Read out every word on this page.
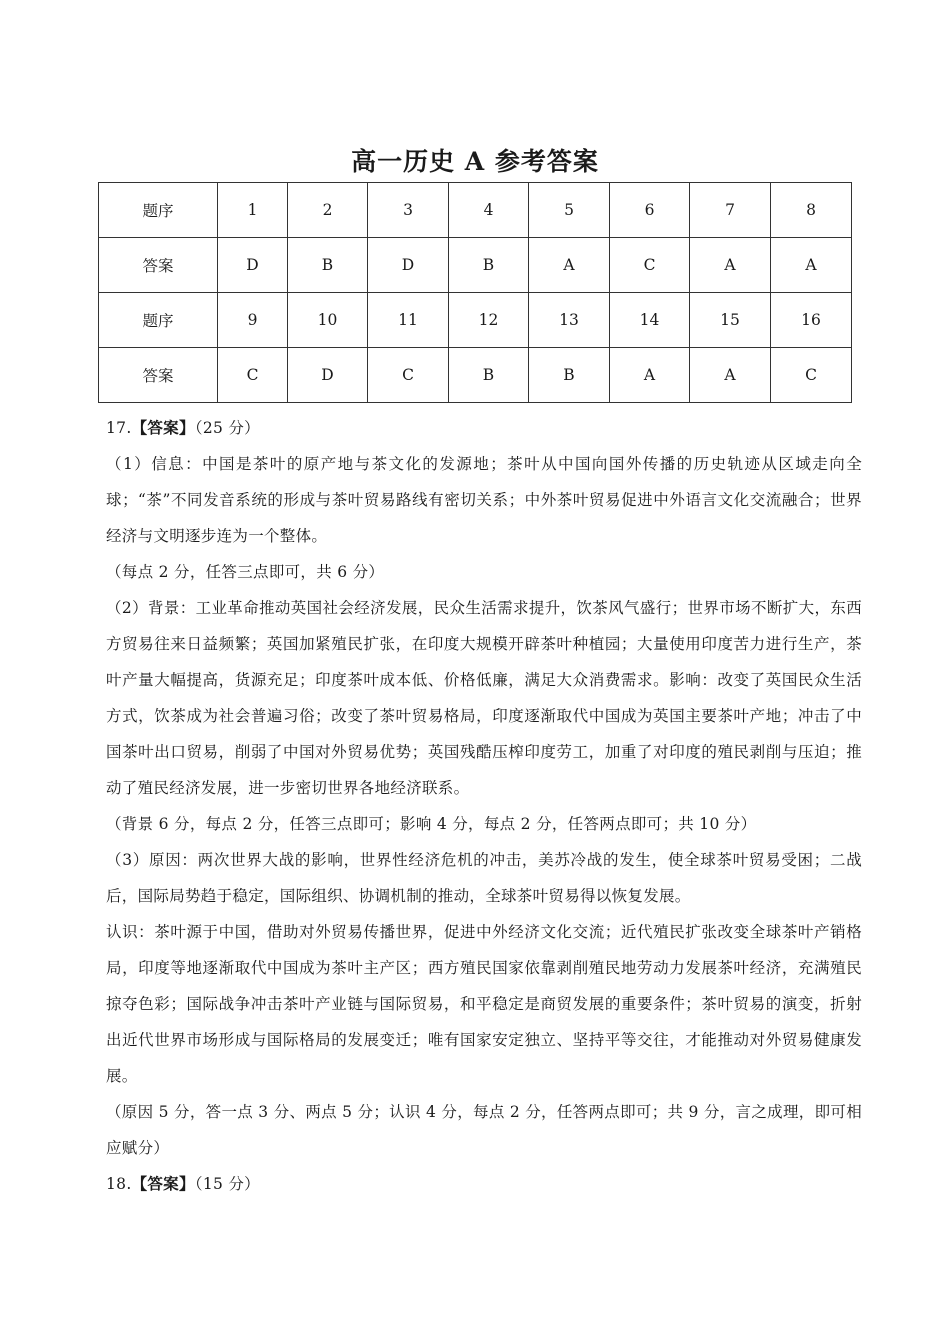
高一历史 A 参考答案
题序	1	2	3	4	5	6	7	8
答案	D	B	D	B	A	C	A	A
题序	9	10	11	12	13	14	15	16
答案	C	D	C	B	B	A	A	C

17.【答案】（25 分）

（1）信息：中国是茶叶的原产地与茶文化的发源地；茶叶从中国向国外传播的历史轨迹从区域走向全球；“茶”不同发音系统的形成与茶叶贸易路线有密切关系；中外茶叶贸易促进中外语言文化交流融合；世界经济与文明逐步连为一个整体。

（每点 2 分，任答三点即可，共 6 分）

（2）背景：工业革命推动英国社会经济发展，民众生活需求提升，饮茶风气盛行；世界市场不断扩大，东西方贸易往来日益频繁；英国加紧殖民扩张，在印度大规模开辟茶叶种植园；大量使用印度苦力进行生产，茶叶产量大幅提高，货源充足；印度茶叶成本低、价格低廉，满足大众消费需求。影响：改变了英国民众生活方式，饮茶成为社会普遍习俗；改变了茶叶贸易格局，印度逐渐取代中国成为英国主要茶叶产地；冲击了中国茶叶出口贸易，削弱了中国对外贸易优势；英国残酷压榨印度劳工，加重了对印度的殖民剥削与压迫；推动了殖民经济发展，进一步密切世界各地经济联系。

（背景 6 分，每点 2 分，任答三点即可；影响 4 分，每点 2 分，任答两点即可；共 10 分）

（3）原因：两次世界大战的影响，世界性经济危机的冲击，美苏冷战的发生，使全球茶叶贸易受困；二战后，国际局势趋于稳定，国际组织、协调机制的推动，全球茶叶贸易得以恢复发展。

认识：茶叶源于中国，借助对外贸易传播世界，促进中外经济文化交流；近代殖民扩张改变全球茶叶产销格局，印度等地逐渐取代中国成为茶叶主产区；西方殖民国家依靠剥削殖民地劳动力发展茶叶经济，充满殖民掠夺色彩；国际战争冲击茶叶产业链与国际贸易，和平稳定是商贸发展的重要条件；茶叶贸易的演变，折射出近代世界市场形成与国际格局的发展变迁；唯有国家安定独立、坚持平等交往，才能推动对外贸易健康发展。

（原因 5 分，答一点 3 分、两点 5 分；认识 4 分，每点 2 分，任答两点即可；共 9 分，言之成理，即可相应赋分）

18.【答案】（15 分）
